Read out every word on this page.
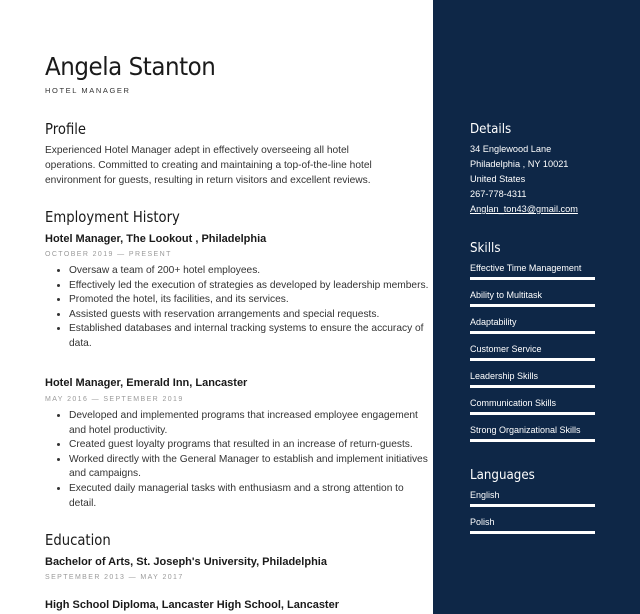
Angela Stanton
HOTEL MANAGER
Profile

Experienced Hotel Manager adept in effectively overseeing all hotel operations. Committed to creating and maintaining a top-of-the-line hotel environment for guests, resulting in return visitors and excellent reviews.

Employment History
Hotel Manager, The Lookout , Philadelphia
OCTOBER 2019 — PRESENT
• Oversaw a team of 200+ hotel employees.
• Effectively led the execution of strategies as developed by leadership members.
• Promoted the hotel, its facilities, and its services.
• Assisted guests with reservation arrangements and special requests.
• Established databases and internal tracking systems to ensure the accuracy of data.
Hotel Manager, Emerald Inn, Lancaster
MAY 2016 — SEPTEMBER 2019
• Developed and implemented programs that increased employee engagement and hotel productivity.
• Created guest loyalty programs that resulted in an increase of return-guests.
• Worked directly with the General Manager to establish and implement initiatives and campaigns.
• Executed daily managerial tasks with enthusiasm and a strong attention to detail.
Education
Bachelor of Arts, St. Joseph's University, Philadelphia
SEPTEMBER 2013 — MAY 2017
High School Diploma, Lancaster High School, Lancaster
Details
34 Englewood Lane
Philadelphia , NY 10021
United States
267-778-4311
Anglan_ton43@gmail.com
Skills
Effective Time Management
Ability to Multitask
Adaptability
Customer Service
Leadership Skills
Communication Skills
Strong Organizational Skills
Languages
English
Polish
